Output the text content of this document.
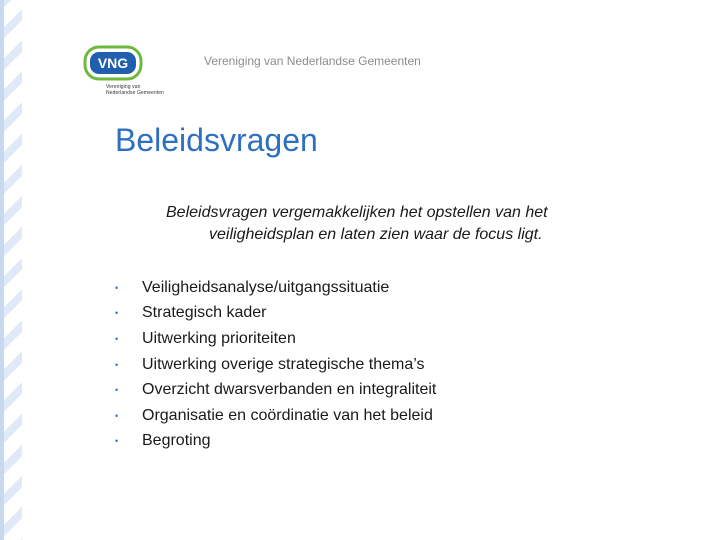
VNG
Vereniging van
Nederlandse Gemeenten
Vereniging van Nederlandse Gemeenten
Beleidsvragen

Beleidsvragen vergemakkelijken het opstellen van het
veiligheidsplan en laten zien waar de focus ligt.

•	Veiligheidsanalyse/uitgangssituatie
•	Strategisch kader
•	Uitwerking prioriteiten
•	Uitwerking overige strategische thema’s
•	Overzicht dwarsverbanden en integraliteit
•	Organisatie en coördinatie van het beleid
•	Begroting
